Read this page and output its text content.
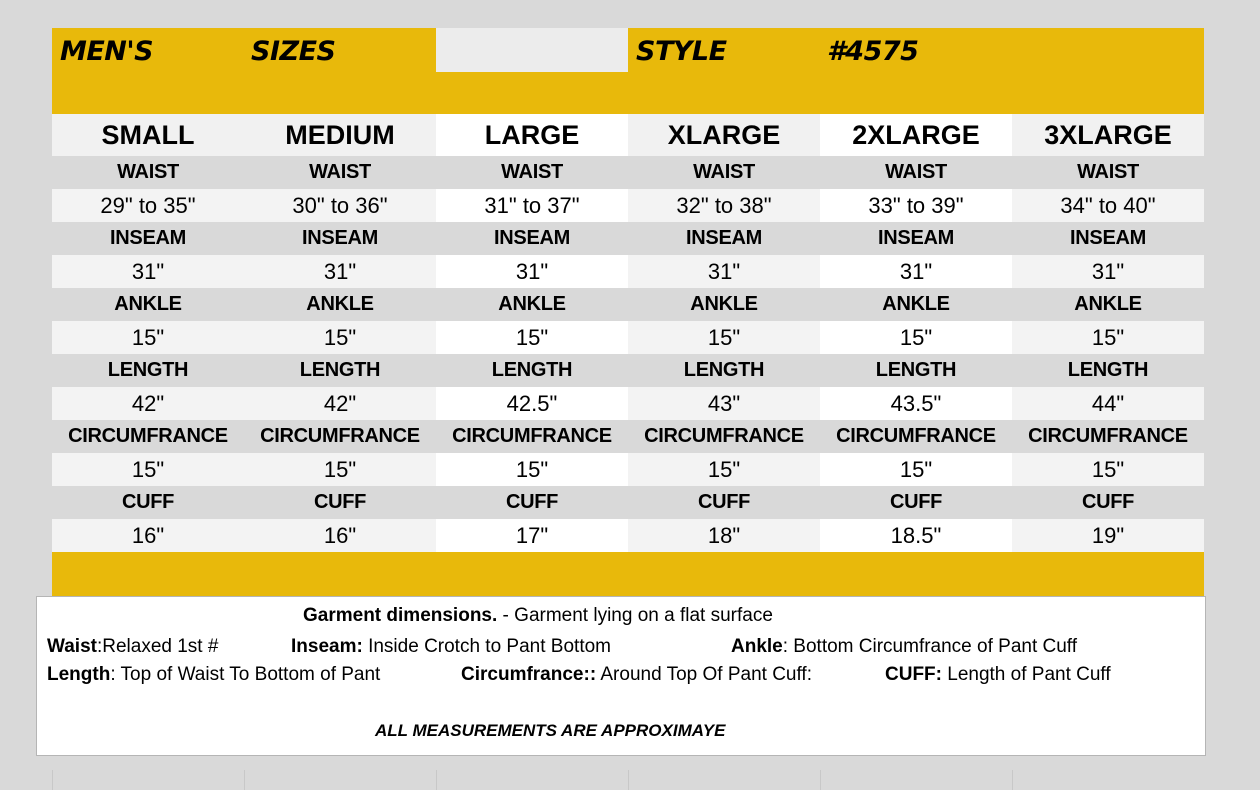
MEN'S	SIZES	STYLE	#4575
SMALL	MEDIUM	LARGE	XLARGE	2XLARGE	3XLARGE
WAIST	WAIST	WAIST	WAIST	WAIST	WAIST
29" to 35"	30" to 36"	31" to 37"	32" to 38"	33" to 39"	34" to 40"
INSEAM	INSEAM	INSEAM	INSEAM	INSEAM	INSEAM
31"	31"	31"	31"	31"	31"
ANKLE	ANKLE	ANKLE	ANKLE	ANKLE	ANKLE
15"	15"	15"	15"	15"	15"
LENGTH	LENGTH	LENGTH	LENGTH	LENGTH	LENGTH
42"	42"	42.5"	43"	43.5"	44"
CIRCUMFRANCE	CIRCUMFRANCE	CIRCUMFRANCE	CIRCUMFRANCE	CIRCUMFRANCE	CIRCUMFRANCE
15"	15"	15"	15"	15"	15"
CUFF	CUFF	CUFF	CUFF	CUFF	CUFF
16"	16"	17"	18"	18.5"	19"
Garment dimensions. - Garment lying on a flat surface
Waist:Relaxed 1st #	Inseam: Inside Crotch to Pant Bottom	Ankle: Bottom Circumfrance of Pant Cuff
Length: Top of Waist To Bottom of Pant	Circumfrance:: Around Top Of Pant Cuff:	CUFF: Length of Pant Cuff
ALL MEASUREMENTS ARE APPROXIMAYE
